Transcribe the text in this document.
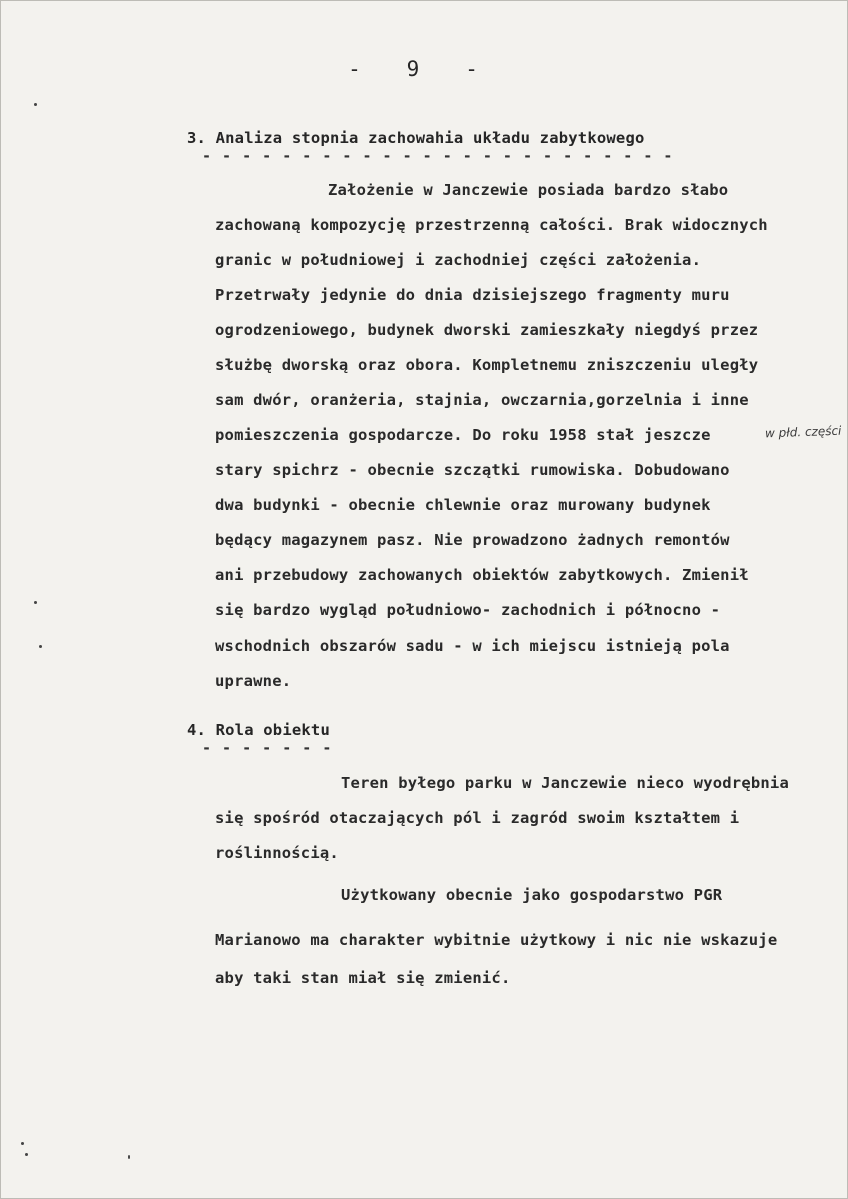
-   9   -
3. Analiza stopnia zachowahia układu zabytkowego
- - - - - - - - - - - - - - - - - - - - - - - -
Założenie w Janczewie posiada bardzo słabo
zachowaną kompozycję przestrzenną całości. Brak widocznych
granic w południowej i zachodniej części założenia.
Przetrwały jedynie do dnia dzisiejszego fragmenty muru
ogrodzeniowego, budynek dworski zamieszkały niegdyś przez
służbę dworską oraz obora. Kompletnemu zniszczeniu uległy
sam dwór, oranżeria, stajnia, owczarnia,gorzelnia i inne
pomieszczenia gospodarcze. Do roku 1958 stał jeszcze	w płd. części
stary spichrz - obecnie szczątki rumowiska. Dobudowano
dwa budynki - obecnie chlewnie oraz murowany budynek
będący magazynem pasz. Nie prowadzono żadnych remontów
ani przebudowy zachowanych obiektów zabytkowych. Zmienił
się bardzo wygląd południowo- zachodnich i północno -
wschodnich obszarów sadu - w ich miejscu istnieją pola
uprawne.
4. Rola obiektu
- - - - - - -
Teren byłego parku w Janczewie nieco wyodrębnia
się spośród otaczających pól i zagród swoim kształtem i
roślinnością.
Użytkowany obecnie jako gospodarstwo PGR
Marianowo ma charakter wybitnie użytkowy i nic nie wskazuje
aby taki stan miał się zmienić.
